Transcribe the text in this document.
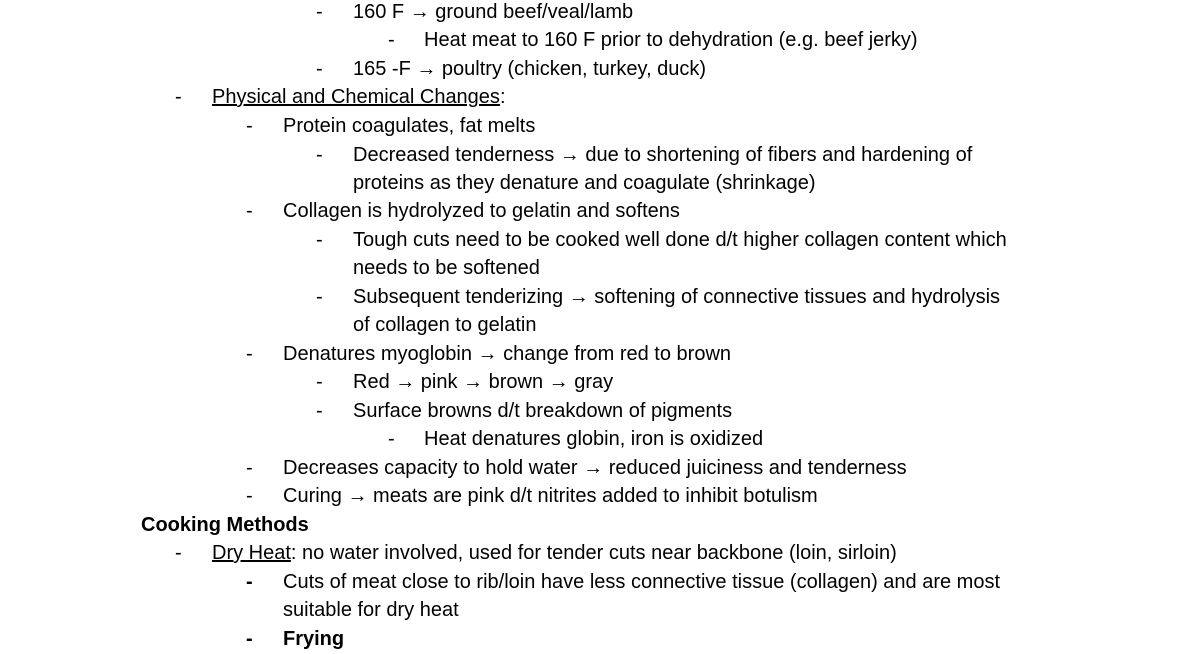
- 160 F → ground beef/veal/lamb
- Heat meat to 160 F prior to dehydration (e.g. beef jerky)
- 165 -F → poultry (chicken, turkey, duck)
- Physical and Chemical Changes:
- Protein coagulates, fat melts
- Decreased tenderness → due to shortening of fibers and hardening of
proteins as they denature and coagulate (shrinkage)
- Collagen is hydrolyzed to gelatin and softens
- Tough cuts need to be cooked well done d/t higher collagen content which
needs to be softened
- Subsequent tenderizing → softening of connective tissues and hydrolysis
of collagen to gelatin
- Denatures myoglobin → change from red to brown
- Red → pink → brown → gray
- Surface browns d/t breakdown of pigments
- Heat denatures globin, iron is oxidized
- Decreases capacity to hold water → reduced juiciness and tenderness
- Curing → meats are pink d/t nitrites added to inhibit botulism
Cooking Methods
- Dry Heat: no water involved, used for tender cuts near backbone (loin, sirloin)
- Cuts of meat close to rib/loin have less connective tissue (collagen) and are most
suitable for dry heat
- Frying
